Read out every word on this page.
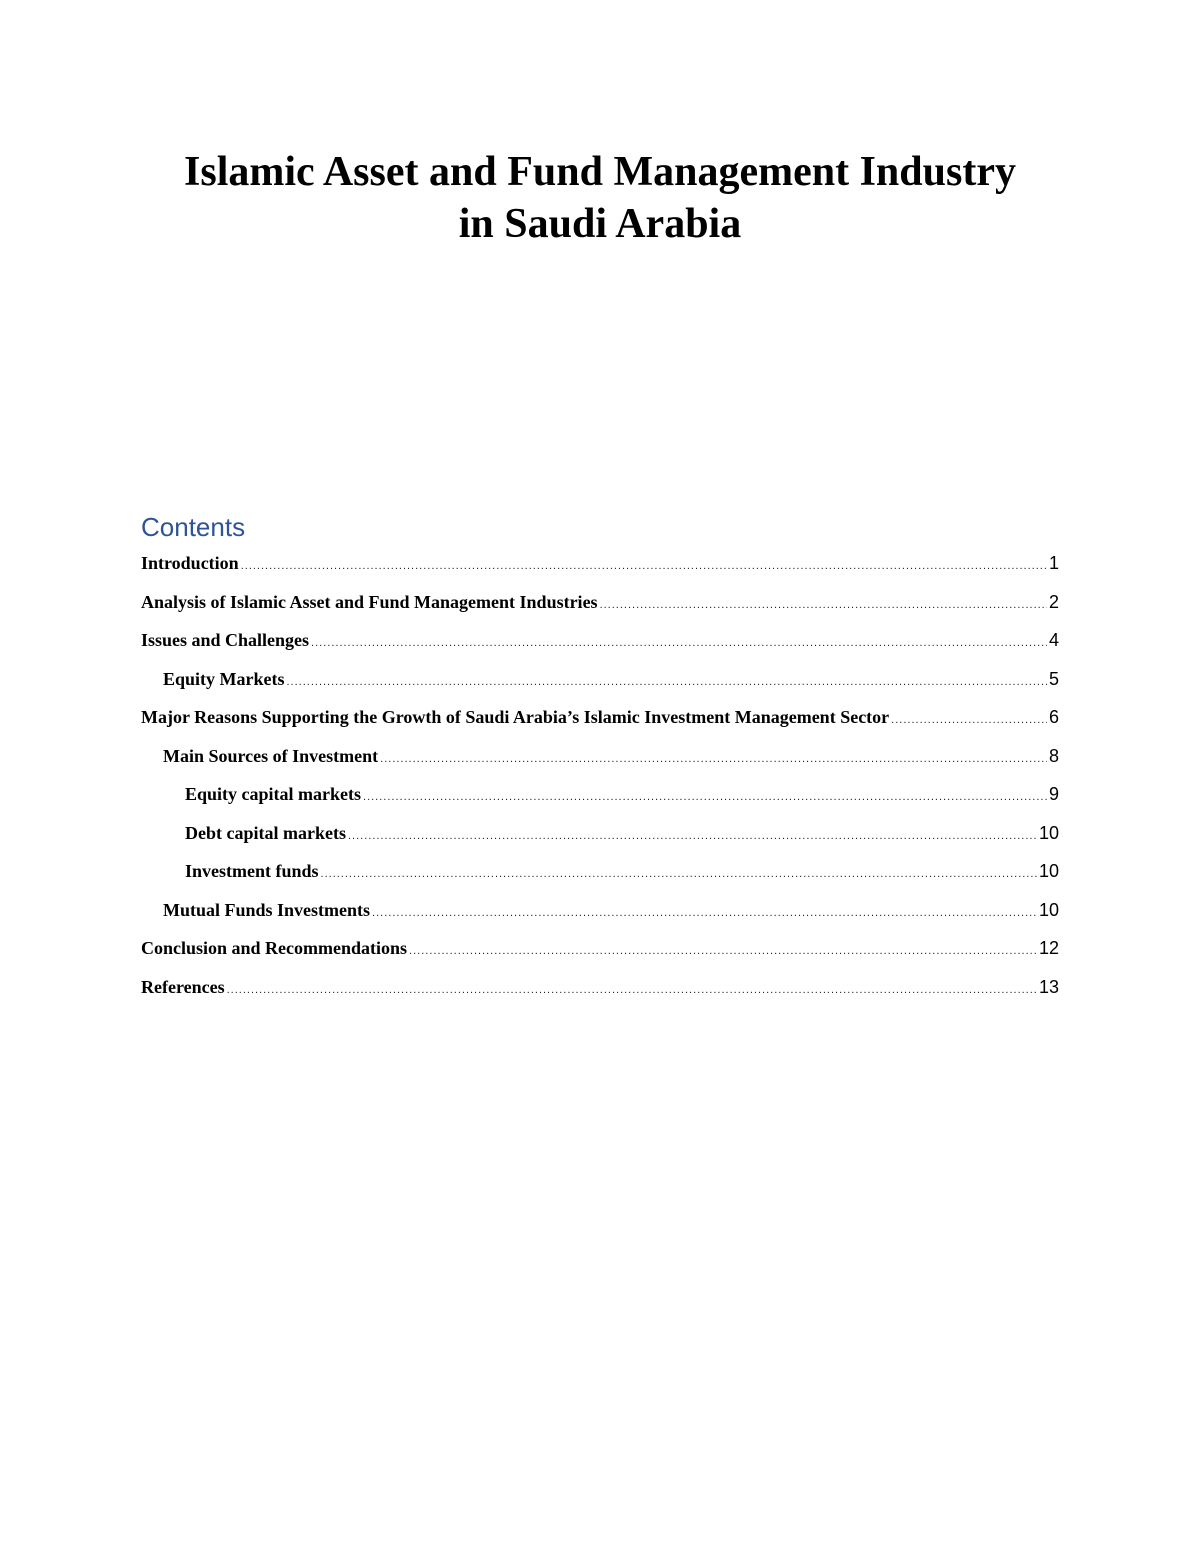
Islamic Asset and Fund Management Industry
in Saudi Arabia
Contents
Introduction .....	1
Analysis of Islamic Asset and Fund Management Industries .....	2
Issues and Challenges .....	4
Equity Markets .....	5
Major Reasons Supporting the Growth of Saudi Arabia’s Islamic Investment Management Sector .....	6
Main Sources of Investment .....	8
Equity capital markets .....	9
Debt capital markets .....	10
Investment funds .....	10
Mutual Funds Investments .....	10
Conclusion and Recommendations .....	12
References .....	13
